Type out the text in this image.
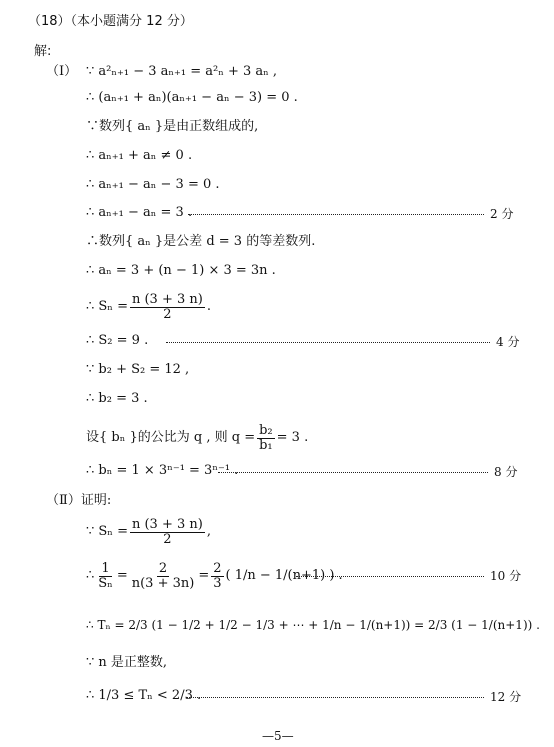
（18）（本小题满分 12 分）
解:
（Ⅰ） ∵ a²ₙ₊₁ − 3 aₙ₊₁ = a²ₙ + 3 aₙ ,
∴ (aₙ₊₁ + aₙ)(aₙ₊₁ − aₙ − 3) = 0 .
∵数列{ aₙ }是由正数组成的,
∴ aₙ₊₁ + aₙ ≠ 0 .
∴ aₙ₊₁ − aₙ − 3 = 0 .
∴ aₙ₊₁ − aₙ = 3 .	2 分
∴数列{ aₙ }是公差 d = 3 的等差数列.
∴ aₙ = 3 + (n − 1) × 3 = 3n .
∴ $S_n = \frac{n (3 + 3 n)}{2}$ .
∴ S₂ = 9 .	4 分
∵ b₂ + S₂ = 12 ,
∴ b₂ = 3 .
设{ bₙ }的公比为 q , 则 $q = \frac{\text{b₂}}{\text{b₁}} = 3$ .
∴ bₙ = 1 × 3ⁿ⁻¹ = 3ⁿ⁻¹ .	8 分
（Ⅱ）证明:
∵ $S_n = \frac{n (3 + 3 n)}{2}$ ,
∴ $\frac{1}{\text{Sₙ}} = \frac{2}{n(3 + 3n)} = \frac{2}{3}$ ( 1/n − 1/(n+1) ) .	10 分
∴ Tₙ = 2/3 (1 − 1/2 + 1/2 − 1/3 + ⋯ + 1/n − 1/(n+1)) = 2/3 (1 − 1/(n+1)) .
∵ n 是正整数,
∴ 1/3 ≤ Tₙ < 2/3 .	12 分
—5—
